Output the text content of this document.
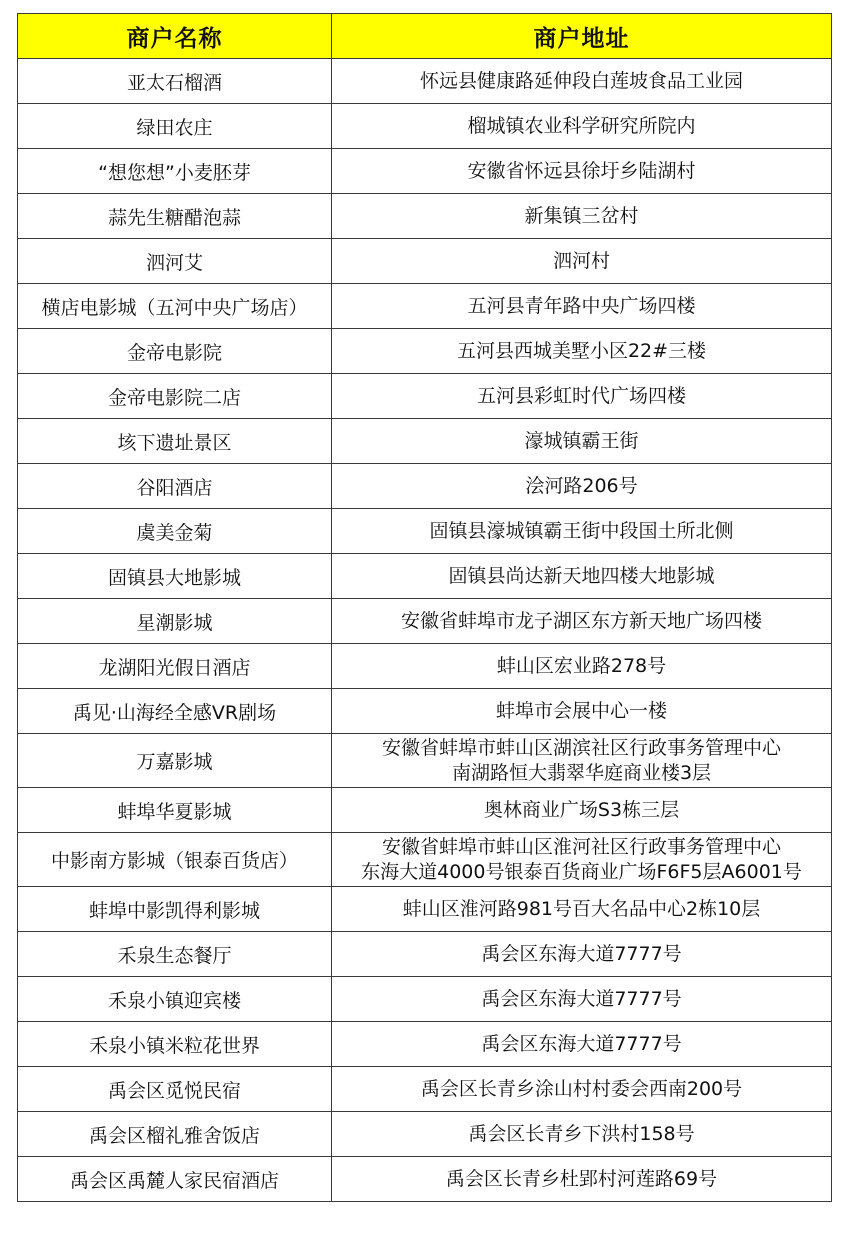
商户名称	商户地址
亚太石榴酒	怀远县健康路延伸段白莲坡食品工业园

绿田农庄	榴城镇农业科学研究所院内

“想您想”小麦胚芽	安徽省怀远县徐圩乡陆湖村

蒜先生糖醋泡蒜	新集镇三岔村

泗河艾	泗河村

横店电影城（五河中央广场店）	五河县青年路中央广场四楼

金帝电影院	五河县西城美墅小区22#三楼

金帝电影院二店	五河县彩虹时代广场四楼

垓下遗址景区	濠城镇霸王街

谷阳酒店	浍河路206号

虞美金菊	固镇县濠城镇霸王街中段国土所北侧

固镇县大地影城	固镇县尚达新天地四楼大地影城

星潮影城	安徽省蚌埠市龙子湖区东方新天地广场四楼

龙湖阳光假日酒店	蚌山区宏业路278号

禹见·山海经全感VR剧场	蚌埠市会展中心一楼

万嘉影城	安徽省蚌埠市蚌山区湖滨社区行政事务管理中心
南湖路恒大翡翠华庭商业楼3层

蚌埠华夏影城	奥林商业广场S3栋三层

中影南方影城（银泰百货店）	安徽省蚌埠市蚌山区淮河社区行政事务管理中心
东海大道4000号银泰百货商业广场F6F5层A6001号

蚌埠中影凯得利影城	蚌山区淮河路981号百大名品中心2栋10层

禾泉生态餐厅	禹会区东海大道7777号

禾泉小镇迎宾楼	禹会区东海大道7777号

禾泉小镇米粒花世界	禹会区东海大道7777号

禹会区觅悦民宿	禹会区长青乡涂山村村委会西南200号

禹会区榴礼雅舍饭店	禹会区长青乡下洪村158号

禹会区禹麓人家民宿酒店	禹会区长青乡杜郢村河莲路69号
